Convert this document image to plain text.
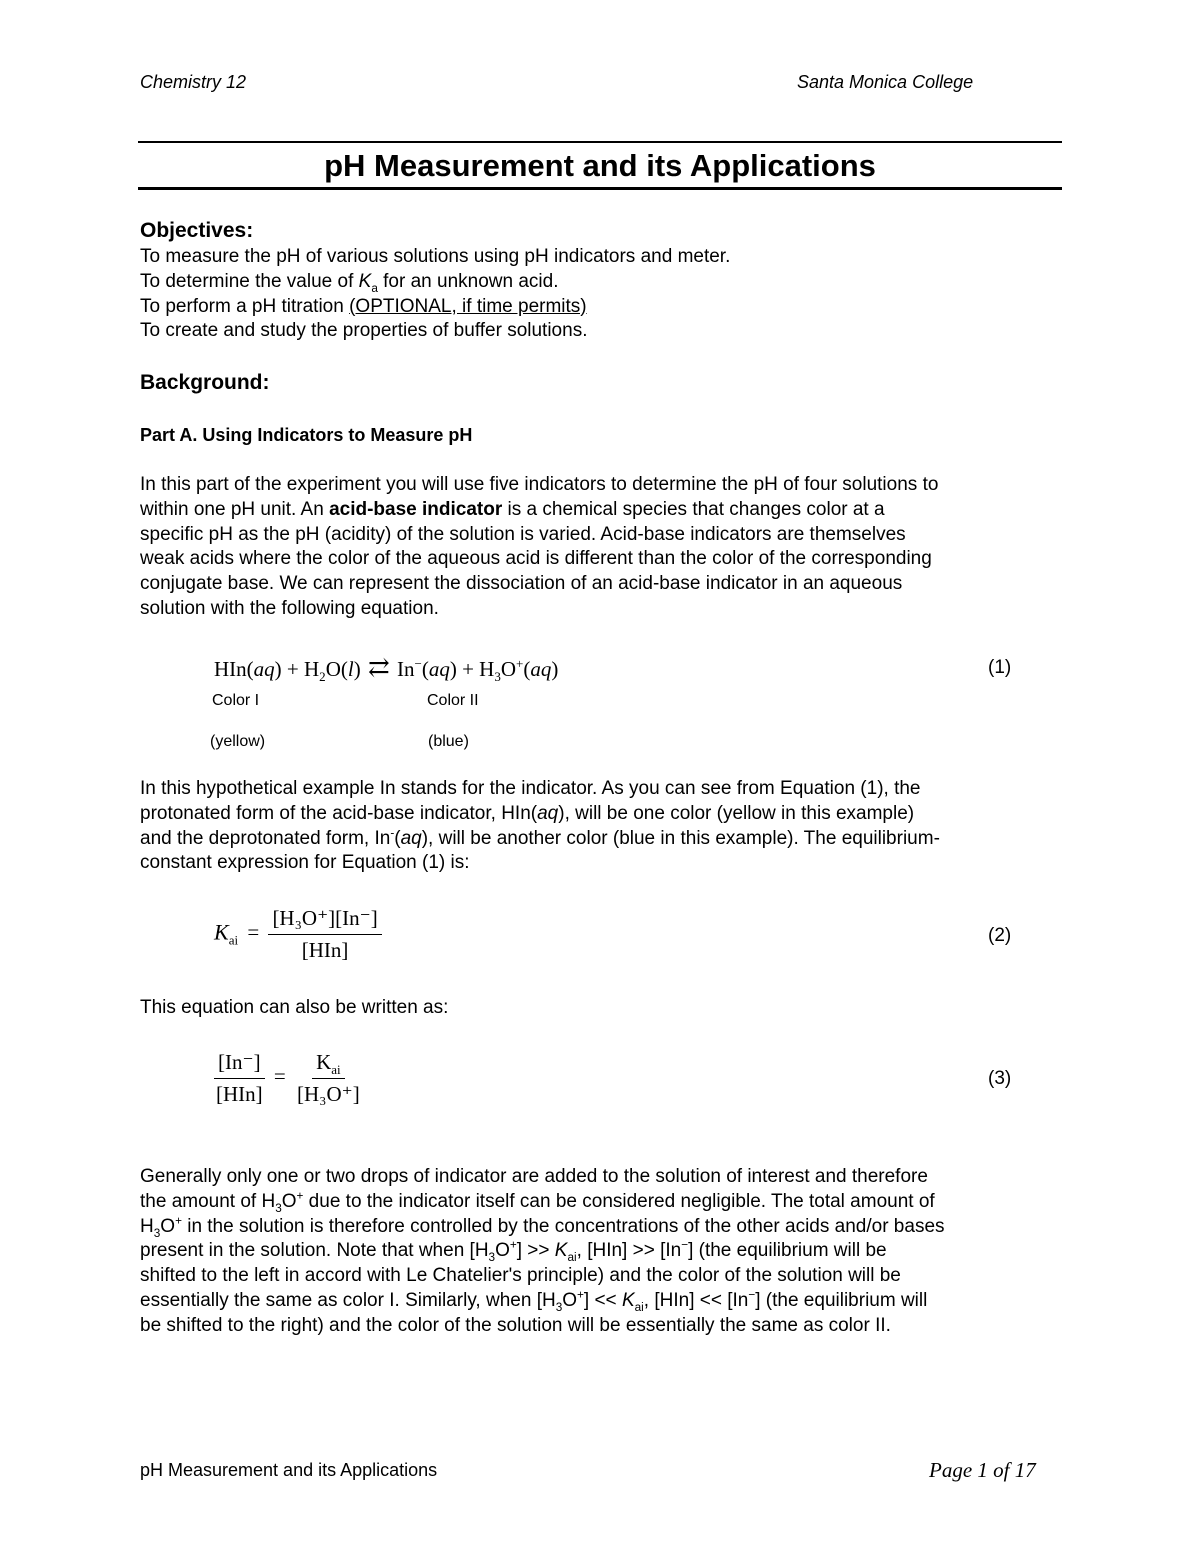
Chemistry 12	Santa Monica College
pH Measurement and its Applications
Objectives:
To measure the pH of various solutions using pH indicators and meter.
To determine the value of $K_a$ for an unknown acid.
To perform a pH titration (OPTIONAL, if time permits)
To create and study the properties of buffer solutions.
Background:
Part A. Using Indicators to Measure pH
In this part of the experiment you will use five indicators to determine the pH of four solutions to
within one pH unit. An acid-base indicator is a chemical species that changes color at a
specific pH as the pH (acidity) of the solution is varied. Acid-base indicators are themselves
weak acids where the color of the aqueous acid is different than the color of the corresponding
conjugate base. We can represent the dissociation of an acid-base indicator in an aqueous
solution with the following equation.
$HIn(aq) + H_2O(l)$ ⇄ $In^-(aq) + H_3O^+(aq)$	(1)
Color I	Color II
(yellow)	(blue)
In this hypothetical example In stands for the indicator. As you can see from Equation (1), the
protonated form of the acid-base indicator, HIn(aq), will be one color (yellow in this example)
and the deprotonated form, In-(aq), will be another color (blue in this example). The equilibrium-
constant expression for Equation (1) is:
$K_{ai} = \frac{\text{[H₃O⁺][In⁻]}}{\text{[HIn]}}$	(2)
This equation can also be written as:
$\frac{[In^-]}{\text{[HIn]}} = \frac{K_{ai}}{\text{[H₃O⁺]}}$	(3)
Generally only one or two drops of indicator are added to the solution of interest and therefore
the amount of $H_3O^+$ due to the indicator itself can be considered negligible. The total amount of
$H_3O^+$ in the solution is therefore controlled by the concentrations of the other acids and/or bases
present in the solution. Note that when $[H_3O^+] >> K_{ai}$, [HIn] >> [In−] (the equilibrium will be
shifted to the left in accord with Le Chatelier's principle) and the color of the solution will be
essentially the same as color I. Similarly, when $[H_3O^+] << K_{ai}$, [HIn] << [In−] (the equilibrium will
be shifted to the right) and the color of the solution will be essentially the same as color II.
pH Measurement and its Applications	Page 1 of 17
